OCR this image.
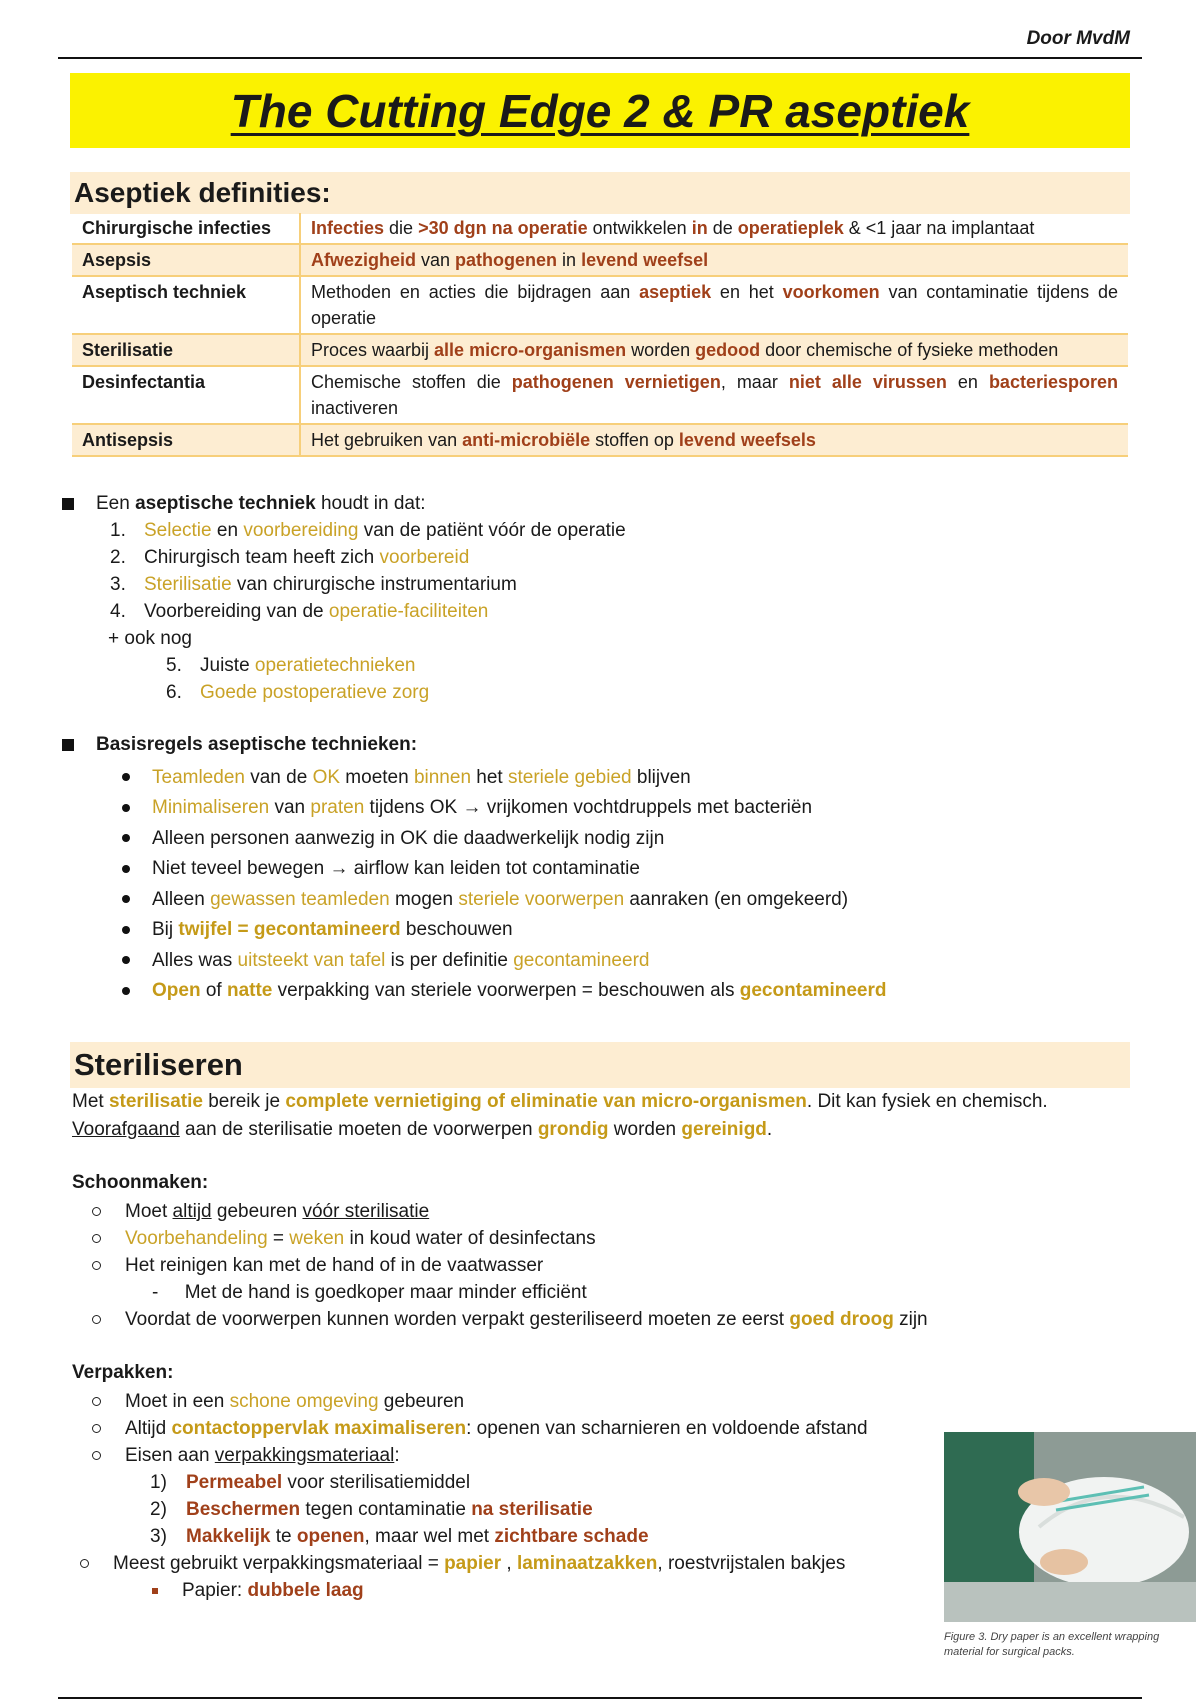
Door MvdM
The Cutting Edge 2 & PR aseptiek
Aseptiek definities:
Chirurgische infecties	Infecties die >30 dgn na operatie ontwikkelen in de operatieplek & <1 jaar na implantaat
Asepsis	Afwezigheid van pathogenen in levend weefsel
Aseptisch techniek	Methoden en acties die bijdragen aan aseptiek en het voorkomen van contaminatie tijdens de operatie
Sterilisatie	Proces waarbij alle micro-organismen worden gedood door chemische of fysieke methoden
Desinfectantia	Chemische stoffen die pathogenen vernietigen, maar niet alle virussen en bacteriesporen inactiveren
Antisepsis	Het gebruiken van anti-microbiële stoffen op levend weefsels
Een aseptische techniek houdt in dat:
1. Selectie en voorbereiding van de patiënt vóór de operatie
2. Chirurgisch team heeft zich voorbereid
3. Sterilisatie van chirurgische instrumentarium
4. Voorbereiding van de operatie-faciliteiten
+ ook nog
5. Juiste operatietechnieken
6. Goede postoperatieve zorg
Basisregels aseptische technieken:
Teamleden van de OK moeten binnen het steriele gebied blijven
Minimaliseren van praten tijdens OK → vrijkomen vochtdruppels met bacteriën
Alleen personen aanwezig in OK die daadwerkelijk nodig zijn
Niet teveel bewegen → airflow kan leiden tot contaminatie
Alleen gewassen teamleden mogen steriele voorwerpen aanraken (en omgekeerd)
Bij twijfel = gecontamineerd beschouwen
Alles was uitsteekt van tafel is per definitie gecontamineerd
Open of natte verpakking van steriele voorwerpen = beschouwen als gecontamineerd
Steriliseren
Met sterilisatie bereik je complete vernietiging of eliminatie van micro-organismen. Dit kan fysiek en chemisch.
Voorafgaand aan de sterilisatie moeten de voorwerpen grondig worden gereinigd.
Schoonmaken:
Moet altijd gebeuren vóór sterilisatie
Voorbehandeling = weken in koud water of desinfectans
Het reinigen kan met de hand of in de vaatwasser
-     Met de hand is goedkoper maar minder efficiënt
Voordat de voorwerpen kunnen worden verpakt gesteriliseerd moeten ze eerst goed droog zijn
Verpakken:
Moet in een schone omgeving gebeuren
Altijd contactoppervlak maximaliseren: openen van scharnieren en voldoende afstand
Eisen aan verpakkingsmateriaal:
1) Permeabel voor sterilisatiemiddel
2) Beschermen tegen contaminatie na sterilisatie
3) Makkelijk te openen, maar wel met zichtbare schade
Meest gebruikt verpakkingsmateriaal = papier , laminaatzakken, roestvrijstalen bakjes
Papier: dubbele laag
Figure 3. Dry paper is an excellent wrapping material for surgical packs.
